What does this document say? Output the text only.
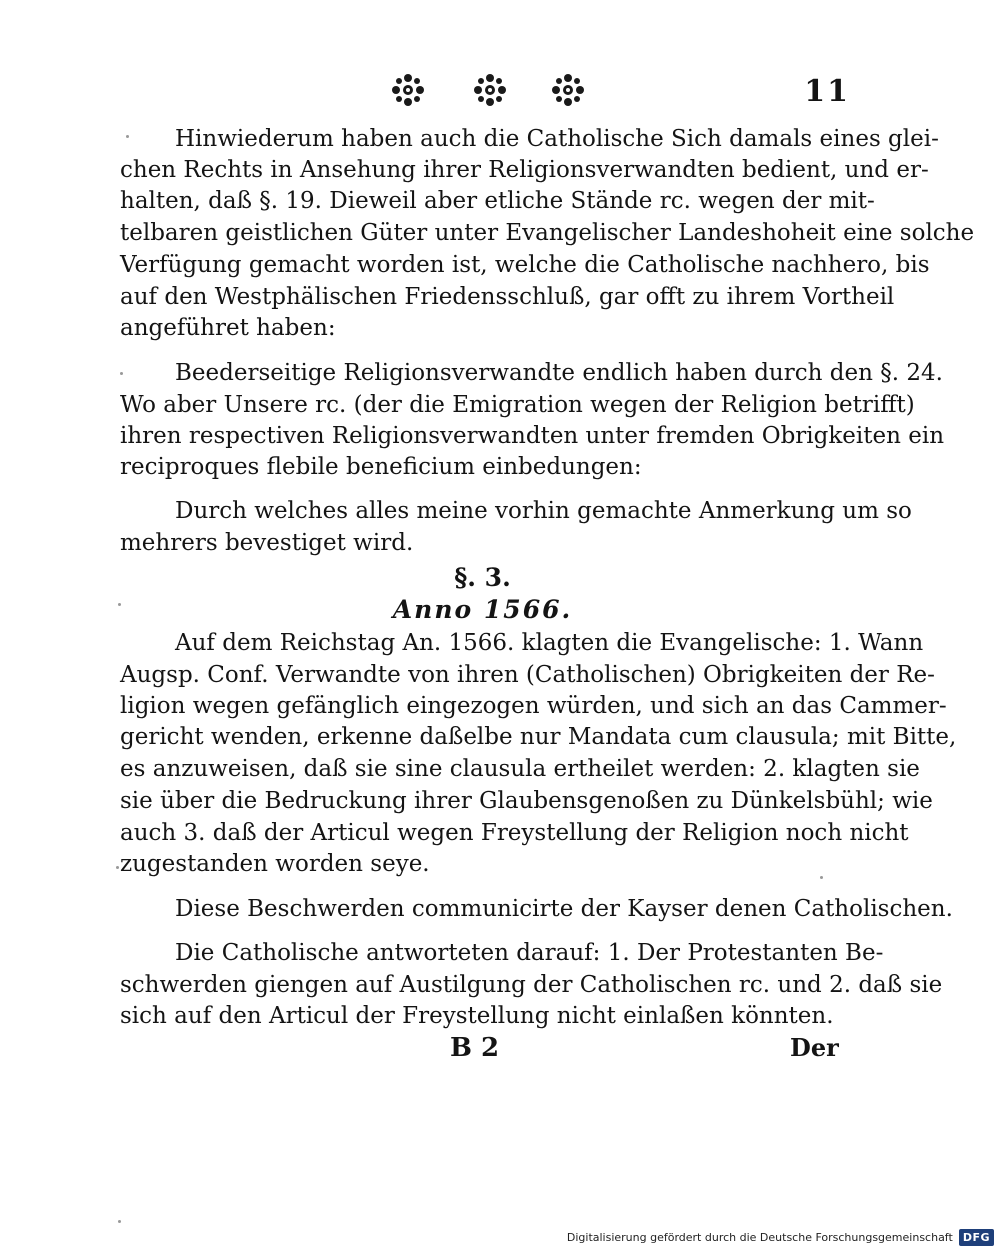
11
Hinwiederum haben auch die Catholische Sich damals eines glei-
chen Rechts in Ansehung ihrer Religionsverwandten bedient, und er-
halten, daß §. 19. Dieweil aber etliche Stände rc. wegen der mit-
telbaren geistlichen Güter unter Evangelischer Landeshoheit eine solche
Verfügung gemacht worden ist, welche die Catholische nachhero, bis
auf den Westphälischen Friedensschluß, gar offt zu ihrem Vortheil
angeführet haben:
Beederseitige Religionsverwandte endlich haben durch den §. 24.
Wo aber Unsere rc. (der die Emigration wegen der Religion betrifft)
ihren respectiven Religionsverwandten unter fremden Obrigkeiten ein
reciproques flebile beneficium einbedungen:
Durch welches alles meine vorhin gemachte Anmerkung um so
mehrers bevestiget wird.
§. 3.
Anno 1566.
Auf dem Reichstag An. 1566. klagten die Evangelische: 1. Wann
Augsp. Conf. Verwandte von ihren (Catholischen) Obrigkeiten der Re-
ligion wegen gefänglich eingezogen würden, und sich an das Cammer-
gericht wenden, erkenne daßelbe nur Mandata cum clausula; mit Bitte,
es anzuweisen, daß sie sine clausula ertheilet werden: 2. klagten sie
sie über die Bedruckung ihrer Glaubensgenoßen zu Dünkelsbühl; wie
auch 3. daß der Articul wegen Freystellung der Religion noch nicht
zugestanden worden seye.
Diese Beschwerden communicirte der Kayser denen Catholischen.
Die Catholische antworteten darauf: 1. Der Protestanten Be-
schwerden giengen auf Austilgung der Catholischen rc. und 2. daß sie
sich auf den Articul der Freystellung nicht einlaßen könnten.
B 2	Der
Digitalisierung gefördert durch die Deutsche Forschungsgemeinschaft DFG
